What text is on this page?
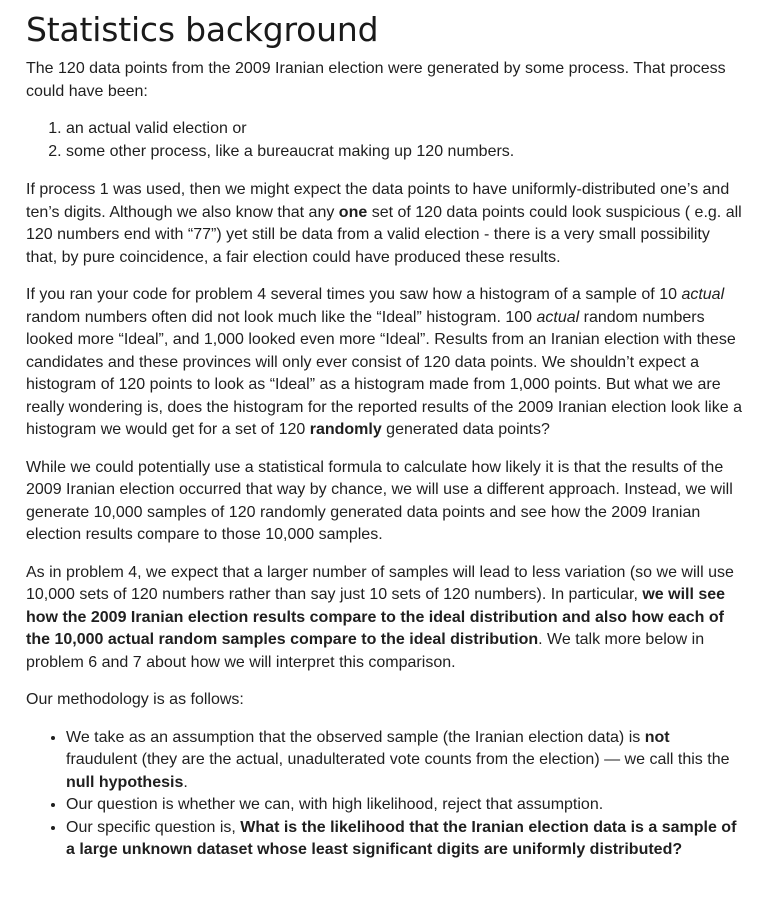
Statistics background

The 120 data points from the 2009 Iranian election were generated by some process. That process could have been:

1. an actual valid election or
2. some other process, like a bureaucrat making up 120 numbers.

If process 1 was used, then we might expect the data points to have uniformly-distributed one’s and ten’s digits. Although we also know that any one set of 120 data points could look suspicious ( e.g. all 120 numbers end with “77”) yet still be data from a valid election - there is a very small possibility that, by pure coincidence, a fair election could have produced these results.

If you ran your code for problem 4 several times you saw how a histogram of a sample of 10 actual random numbers often did not look much like the “Ideal” histogram. 100 actual random numbers looked more “Ideal”, and 1,000 looked even more “Ideal”. Results from an Iranian election with these candidates and these provinces will only ever consist of 120 data points. We shouldn’t expect a histogram of 120 points to look as “Ideal” as a histogram made from 1,000 points. But what we are really wondering is, does the histogram for the reported results of the 2009 Iranian election look like a histogram we would get for a set of 120 randomly generated data points?

While we could potentially use a statistical formula to calculate how likely it is that the results of the 2009 Iranian election occurred that way by chance, we will use a different approach. Instead, we will generate 10,000 samples of 120 randomly generated data points and see how the 2009 Iranian election results compare to those 10,000 samples.

As in problem 4, we expect that a larger number of samples will lead to less variation (so we will use 10,000 sets of 120 numbers rather than say just 10 sets of 120 numbers). In particular, we will see how the 2009 Iranian election results compare to the ideal distribution and also how each of the 10,000 actual random samples compare to the ideal distribution. We talk more below in problem 6 and 7 about how we will interpret this comparison.

Our methodology is as follows:

• We take as an assumption that the observed sample (the Iranian election data) is not fraudulent (they are the actual, unadulterated vote counts from the election) — we call this the null hypothesis.
• Our question is whether we can, with high likelihood, reject that assumption.
• Our specific question is, What is the likelihood that the Iranian election data is a sample of a large unknown dataset whose least significant digits are uniformly distributed?
